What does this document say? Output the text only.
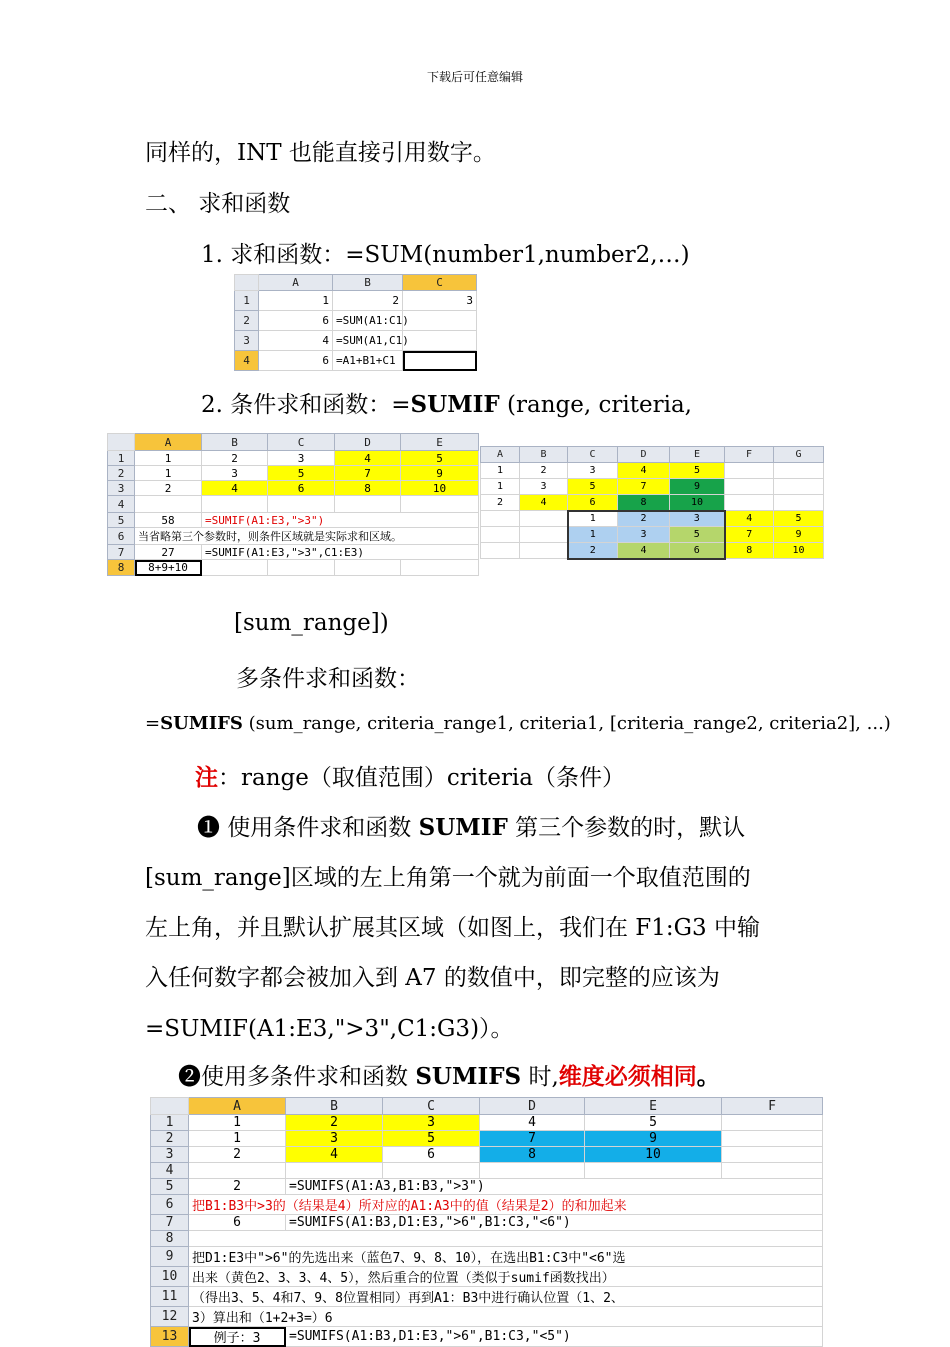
下载后可任意编辑
同样的，INT 也能直接引用数字。
二、 求和函数
1. 求和函数：=SUM(number1,number2,…)
	A	B	C
1	1	2	3
2	6	=SUM(A1:C1)	
3	4	=SUM(A1,C1)	
4	6	=A1+B1+C1	
2. 条件求和函数：=SUMIF (range, criteria,
	A	B	C	D	E
1	1	2	3	4	5
2	1	3	5	7	9
3	2	4	6	8	10
4					
5	58	=SUMIF(A1:E3,">3")			
6	当省略第三个参数时，则条件区域就是实际求和区域。				
7	27	=SUMIF(A1:E3,">3",C1:E3)			
8	8+9+10				
A	B	C	D	E	F	G
1	2	3	4	5		
1	3	5	7	9		
2	4	6	8	10		
		1	2	3	4	5
		1	3	5	7	9
		2	4	6	8	10
[sum_range])
多条件求和函数：
=SUMIFS (sum_range, criteria_range1, criteria1, [criteria_range2, criteria2], ...)
注：range（取值范围）criteria（条件）
❶ 使用条件求和函数 SUMIF 第三个参数的时，默认
[sum_range]区域的左上角第一个就为前面一个取值范围的
左上角，并且默认扩展其区域（如图上，我们在 F1:G3 中输
入任何数字都会被加入到 A7 的数值中，即完整的应该为
=SUMIF(A1:E3,">3",C1:G3)）。
❷使用多条件求和函数 SUMIFS 时,维度必须相同。
	A	B	C	D	E	F
1	1	2	3	4	5	
2	1	3	5	7	9	
3	2	4	6	8	10	
4						
5	2	=SUMIFS(A1:A3,B1:B3,">3")				
6	把B1:B3中>3的（结果是4）所对应的A1:A3中的值（结果是2）的和加起来					
7	6	=SUMIFS(A1:B3,D1:E3,">6",B1:C3,"<6")				
8						
9	把D1:E3中">6"的先选出来（蓝色7、9、8、10），在选出B1:C3中"<6"选					
10	出来（黄色2、3、3、4、5），然后重合的位置（类似于sumif函数找出）					
11	（得出3、5、4和7、9、8位置相同）再到A1：B3中进行确认位置（1、2、					
12	3）算出和（1+2+3=）6					
13	例子：3	=SUMIFS(A1:B3,D1:E3,">6",B1:C3,"<5")				
